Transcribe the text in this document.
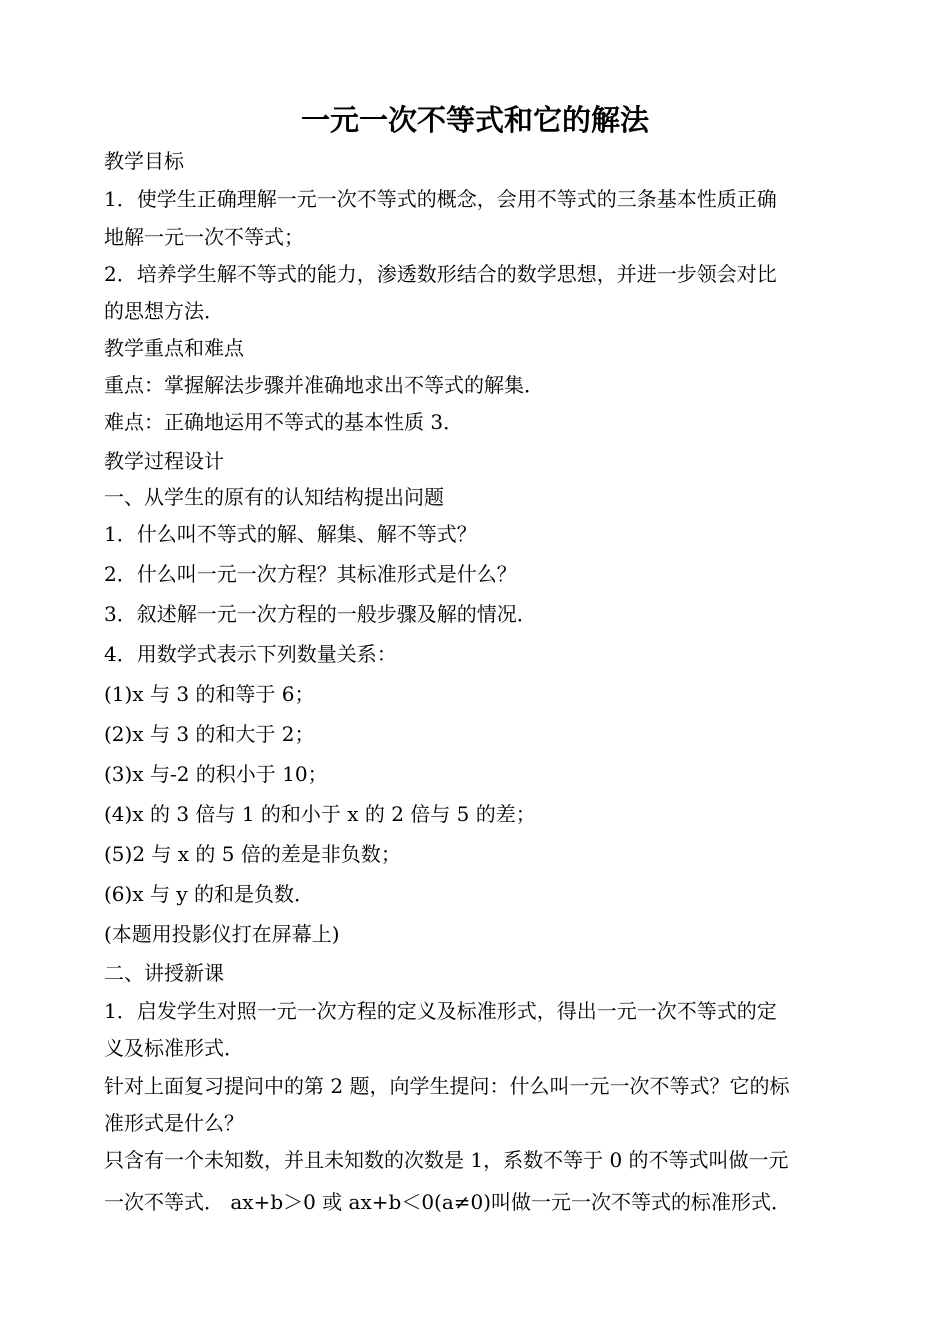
一元一次不等式和它的解法
教学目标
1．使学生正确理解一元一次不等式的概念，会用不等式的三条基本性质正确
地解一元一次不等式；
2．培养学生解不等式的能力，渗透数形结合的数学思想，并进一步领会对比
的思想方法．
教学重点和难点
重点：掌握解法步骤并准确地求出不等式的解集．
难点：正确地运用不等式的基本性质 3．
教学过程设计
一、从学生的原有的认知结构提出问题
1．什么叫不等式的解、解集、解不等式？
2．什么叫一元一次方程？其标准形式是什么？
3．叙述解一元一次方程的一般步骤及解的情况．
4．用数学式表示下列数量关系：
(1)x 与 3 的和等于 6；
(2)x 与 3 的和大于 2；
(3)x 与-2 的积小于 10；
(4)x 的 3 倍与 1 的和小于 x 的 2 倍与 5 的差；
(5)2 与 x 的 5 倍的差是非负数；
(6)x 与 y 的和是负数．
(本题用投影仪打在屏幕上)
二、讲授新课
1．启发学生对照一元一次方程的定义及标准形式，得出一元一次不等式的定
义及标准形式．
针对上面复习提问中的第 2 题，向学生提问：什么叫一元一次不等式？它的标
准形式是什么？
只含有一个未知数，并且未知数的次数是 1，系数不等于 0 的不等式叫做一元
一次不等式． ax+b＞0 或 ax+b＜0(a≠0)叫做一元一次不等式的标准形式．
